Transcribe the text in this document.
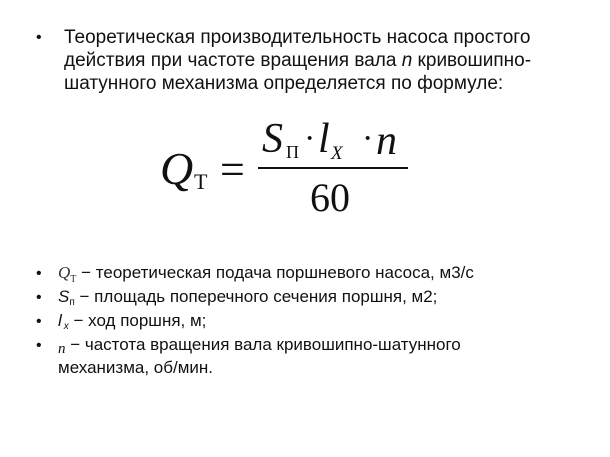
•	Теоретическая производительность насоса простого
действия при частоте вращения вала n кривошипно-
шатунного механизма определяется по формуле:
Q Т =
S П · l X · n
60
• $Q_Т$ − теоретическая подача поршневого насоса, м3/с
• Sп − площадь поперечного сечения поршня, м2;
• lx − ход поршня, м;
•	n − частота вращения вала кривошипно-шатунного
механизма, об/мин.
